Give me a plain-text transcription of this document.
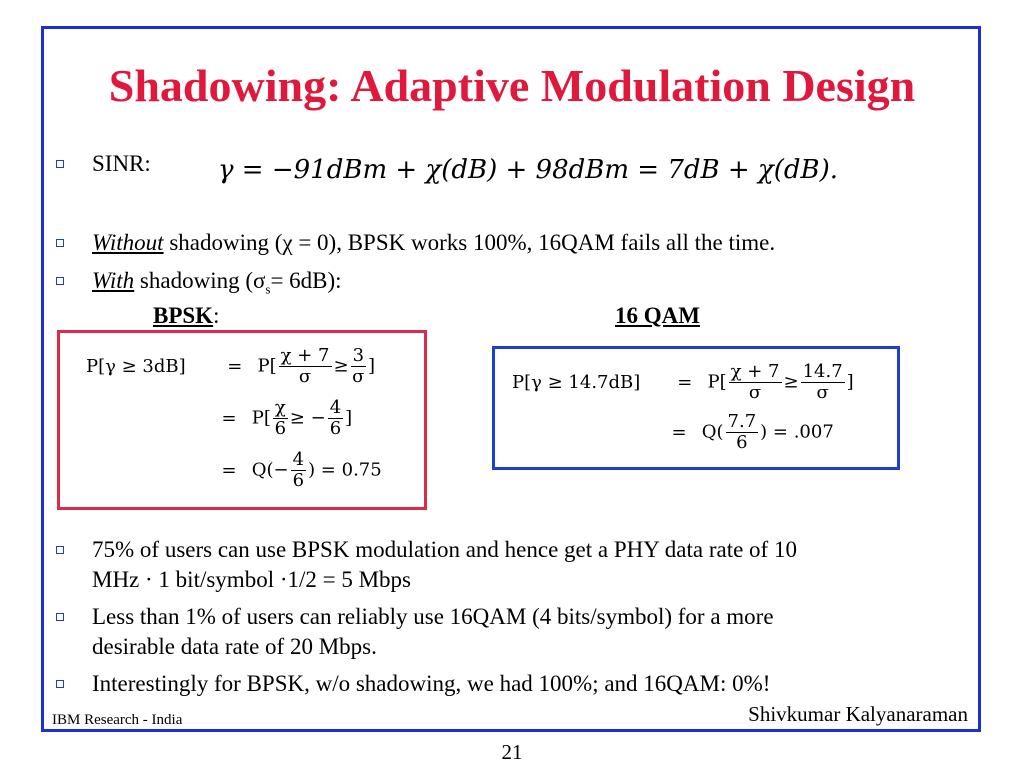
Shadowing: Adaptive Modulation Design
SINR:	γ = −91dBm + χ(dB) + 98dBm = 7dB + χ(dB).
Without shadowing (χ = 0), BPSK works 100%, 16QAM fails all the time.
With shadowing $(\sigma_s= 6dB)$:
BPSK:	16 QAM
$P[\gamma \ge 3dB] = P[ \frac{\chi + 7}{\sigma} \ge \frac{3}{\sigma}$ ]
= $P[ \frac{\chi}{6}$ ≥ − $\frac{4}{6}$ ]
= $Q(- \frac{4}{6}$ ) = 0.75
$P[\gamma \ge 14.7dB] = P[ \frac{\chi + 7}{\sigma} \ge \frac{14.7}{\sigma}$ ]
= $Q( \frac{7.7}{6}$ ) = .007
75% of users can use BPSK modulation and hence get a PHY data rate of 10
MHz · 1 bit/symbol ·1/2 = 5 Mbps
Less than 1% of users can reliably use 16QAM (4 bits/symbol) for a more
desirable data rate of 20 Mbps.
Interestingly for BPSK, w/o shadowing, we had 100%; and 16QAM: 0%!
IBM Research - India	Shivkumar Kalyanaraman
21
